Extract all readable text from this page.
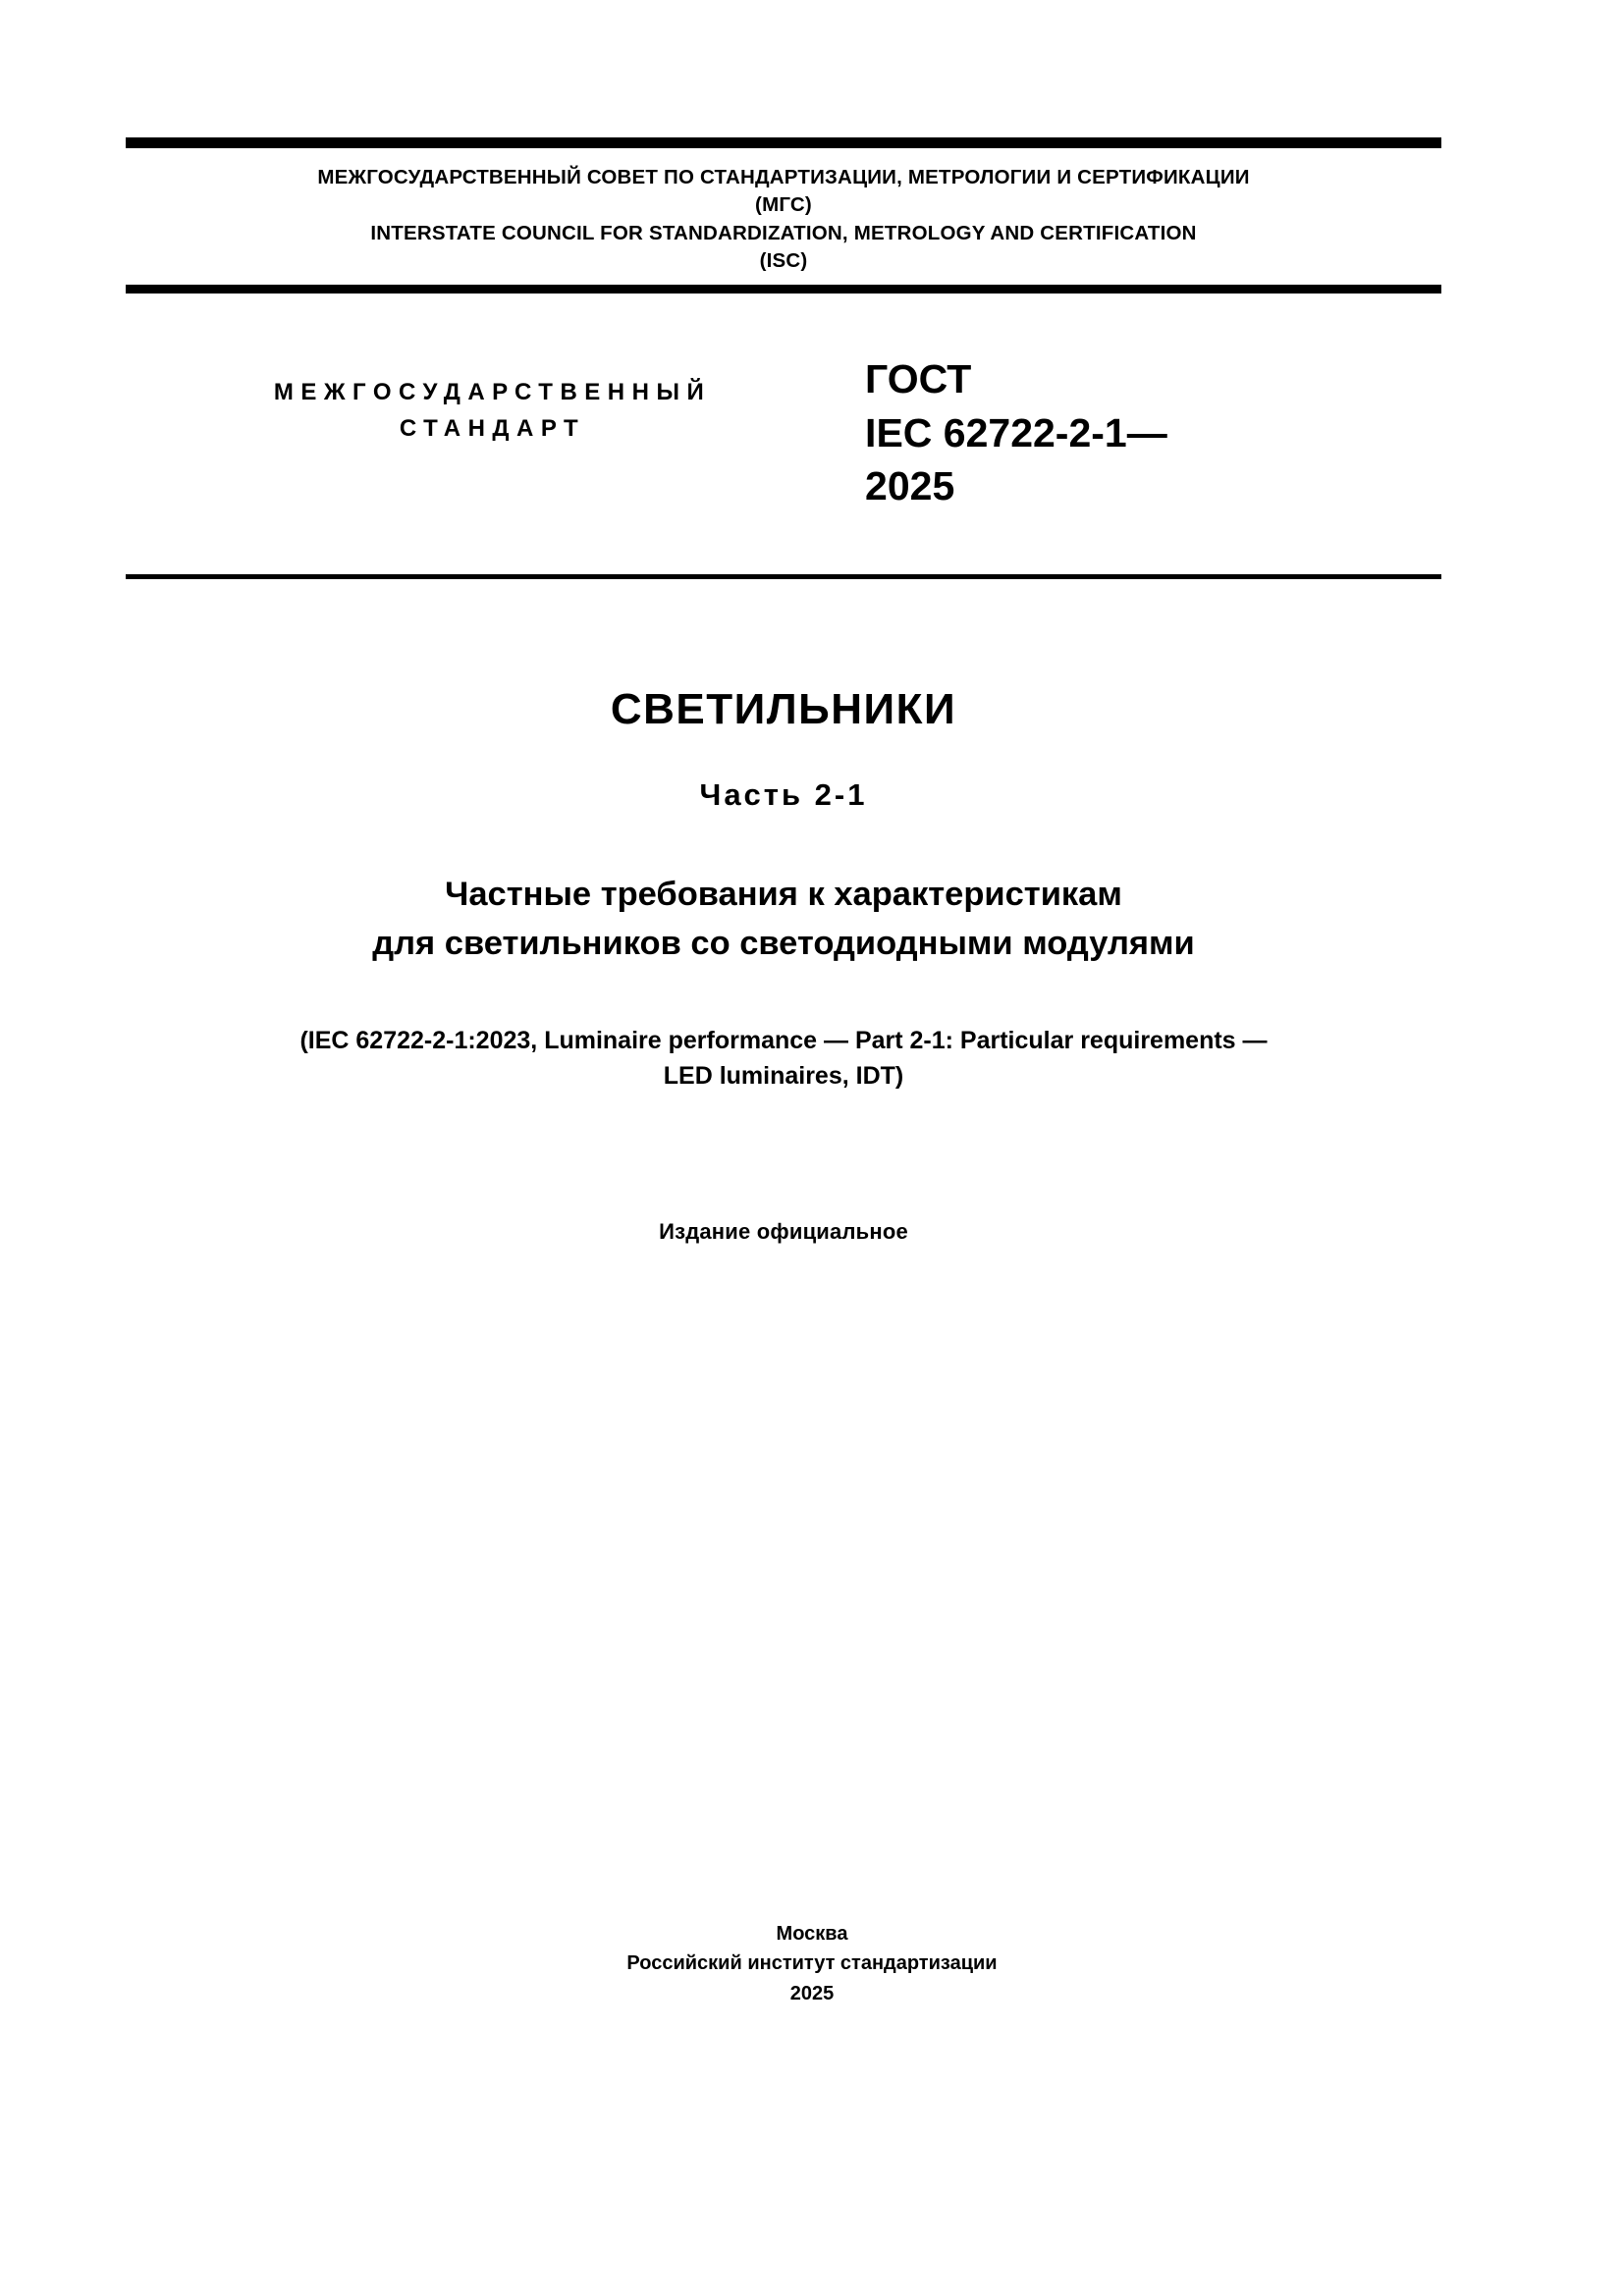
МЕЖГОСУДАРСТВЕННЫЙ СОВЕТ ПО СТАНДАРТИЗАЦИИ, МЕТРОЛОГИИ И СЕРТИФИКАЦИИ
(МГС)
INTERSTATE COUNCIL FOR STANDARDIZATION, METROLOGY AND CERTIFICATION
(ISC)
МЕЖГОСУДАРСТВЕННЫЙ
СТАНДАРТ
ГОСТ
IEC 62722-2-1—
2025
СВЕТИЛЬНИКИ
Часть 2-1
Частные требования к характеристикам
для светильников со светодиодными модулями
(IEC 62722-2-1:2023, Luminaire performance — Part 2-1: Particular requirements —
LED luminaires, IDT)
Издание официальное
Москва
Российский институт стандартизации
2025
